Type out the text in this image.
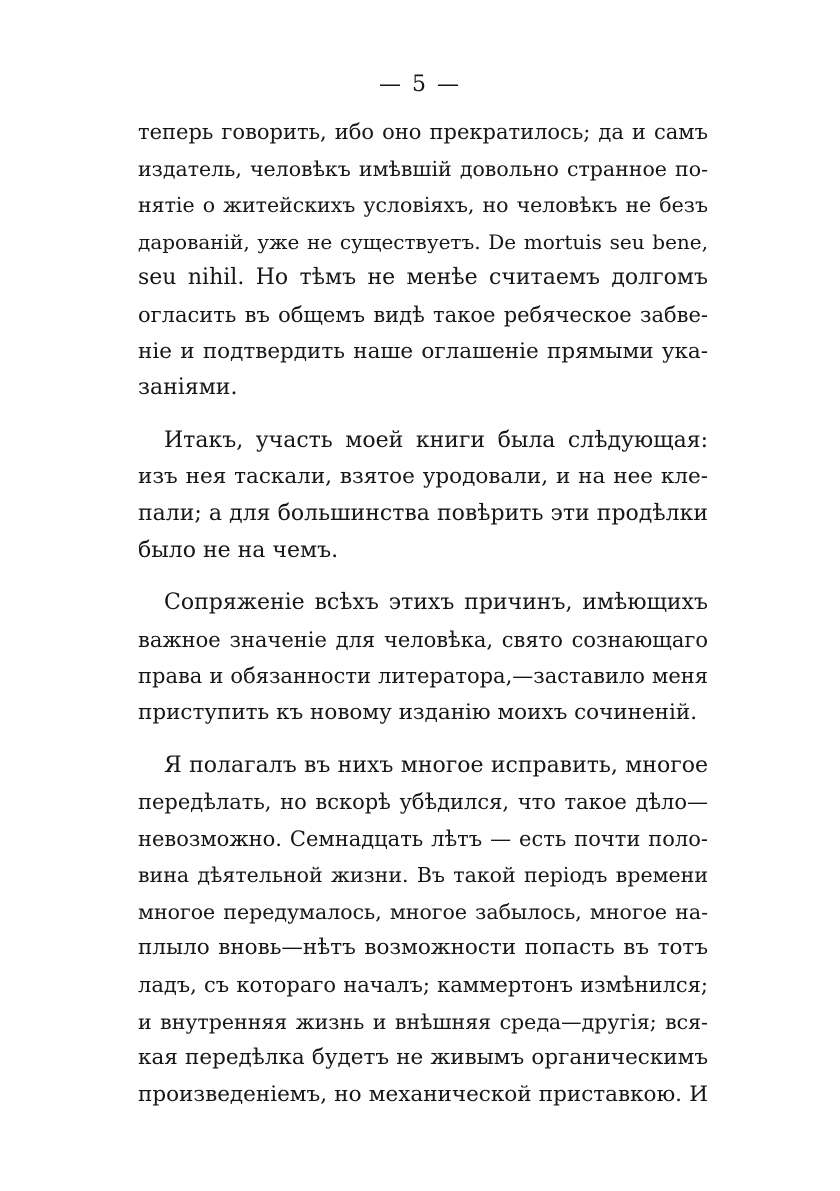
— 5 —
теперь говорить, ибо оно прекратилось; да и самъ
издатель, человѣкъ имѣвшій довольно странное по-
нятіе о житейскихъ условіяхъ, но человѣкъ не безъ
дарованій, уже не существуетъ. De mortuis seu bene,
seu nihil. Но тѣмъ не менѣе считаемъ долгомъ
огласить въ общемъ видѣ такое ребяческое забве-
ніе и подтвердить наше оглашеніе прямыми ука-
заніями.
Итакъ, участь моей книги была слѣдующая:
изъ нея таскали, взятое уродовали, и на нее кле-
пали; а для большинства повѣрить эти продѣлки
было не на чемъ.
Сопряженіе всѣхъ этихъ причинъ, имѣющихъ
важное значеніе для человѣка, свято сознающаго
права и обязанности литератора,—заставило меня
приступить къ новому изданію моихъ сочиненій.
Я полагалъ въ нихъ многое исправить, многое
передѣлать, но вскорѣ убѣдился, что такое дѣло—
невозможно. Семнадцать лѣтъ — есть почти поло-
вина дѣятельной жизни. Въ такой періодъ времени
многое передумалось, многое забылось, многое на-
плыло вновь—нѣтъ возможности попасть въ тотъ
ладъ, съ котораго началъ; каммертонъ измѣнился;
и внутренняя жизнь и внѣшняя среда—другія; вся-
кая передѣлка будетъ не живымъ органическимъ
произведеніемъ, но механической приставкою. И
